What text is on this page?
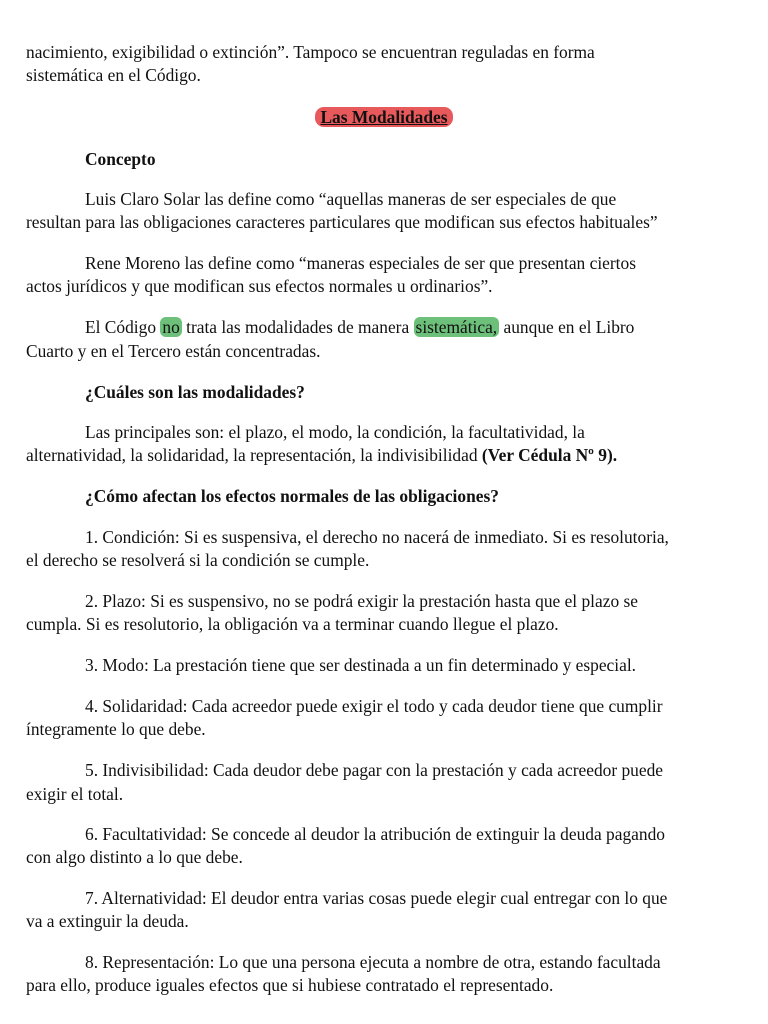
nacimiento, exigibilidad o extinción”. Tampoco se encuentran reguladas en forma
sistemática en el Código.
Las Modalidades
Concepto
Luis Claro Solar las define como “aquellas maneras de ser especiales de que
resultan para las obligaciones caracteres particulares que modifican sus efectos habituales”
Rene Moreno las define como “maneras especiales de ser que presentan ciertos
actos jurídicos y que modifican sus efectos normales u ordinarios”.
El Código no trata las modalidades de manera sistemática, aunque en el Libro
Cuarto y en el Tercero están concentradas.
¿Cuáles son las modalidades?
Las principales son: el plazo, el modo, la condición, la facultatividad, la
alternatividad, la solidaridad, la representación, la indivisibilidad (Ver Cédula Nº 9).
¿Cómo afectan los efectos normales de las obligaciones?
1. Condición: Si es suspensiva, el derecho no nacerá de inmediato. Si es resolutoria,
el derecho se resolverá si la condición se cumple.
2. Plazo: Si es suspensivo, no se podrá exigir la prestación hasta que el plazo se
cumpla. Si es resolutorio, la obligación va a terminar cuando llegue el plazo.
3. Modo: La prestación tiene que ser destinada a un fin determinado y especial.
4. Solidaridad: Cada acreedor puede exigir el todo y cada deudor tiene que cumplir
íntegramente lo que debe.
5. Indivisibilidad: Cada deudor debe pagar con la prestación y cada acreedor puede
exigir el total.
6. Facultatividad: Se concede al deudor la atribución de extinguir la deuda pagando
con algo distinto a lo que debe.
7. Alternatividad: El deudor entra varias cosas puede elegir cual entregar con lo que
va a extinguir la deuda.
8. Representación: Lo que una persona ejecuta a nombre de otra, estando facultada
para ello, produce iguales efectos que si hubiese contratado el representado.
